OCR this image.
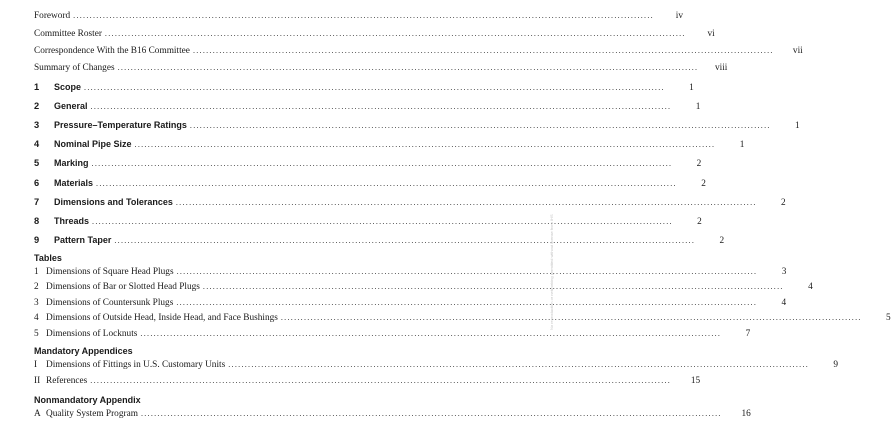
Foreword .....	iv
Committee Roster .....	vi
Correspondence With the B16 Committee .....	vii
Summary of Changes .....	viii
1	Scope .....	1
2	General .....	1
3	Pressure–Temperature Ratings .....	1
4	Nominal Pipe Size .....	1
5	Marking .....	2
6	Materials .....	2
7	Dimensions and Tolerances .....	2
8	Threads .....	2
9	Pattern Taper .....	2
Tables
1 Dimensions of Square Head Plugs .....	3
2 Dimensions of Bar or Slotted Head Plugs .....	4
3 Dimensions of Countersunk Plugs .....	4
4 Dimensions of Outside Head, Inside Head, and Face Bushings .....	5
5 Dimensions of Locknuts .....	7
Mandatory Appendices
I Dimensions of Fittings in U.S. Customary Units .....	9
II References .....	15
Nonmandatory Appendix
A Quality System Program .....	16
No reproduction or networking permitted without license from IHS
